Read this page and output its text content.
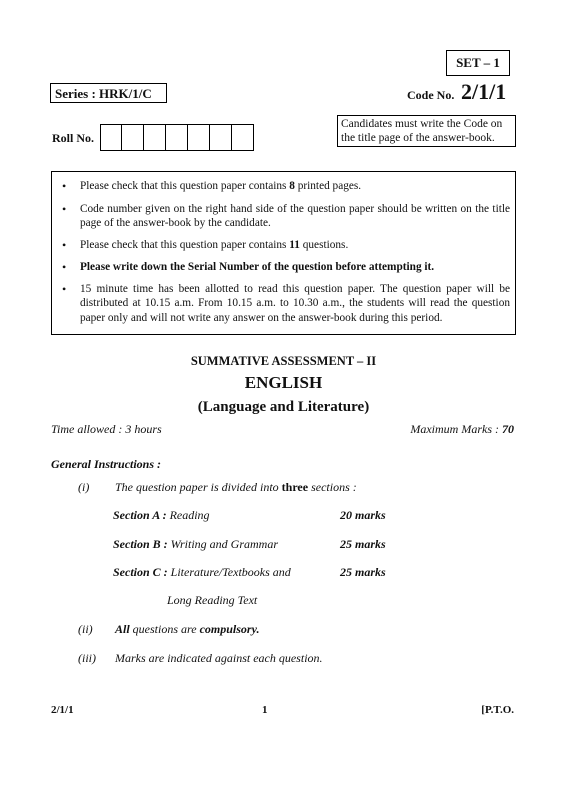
SET – 1
Series : HRK/1/C	Code No. 2/1/1
Roll No.
Candidates must write the Code on the title page of the answer-book.
• Please check that this question paper contains 8 printed pages.
• Code number given on the right hand side of the question paper should be written on the title page of the answer-book by the candidate.
• Please check that this question paper contains 11 questions.
• Please write down the Serial Number of the question before attempting it.
• 15 minute time has been allotted to read this question paper. The question paper will be distributed at 10.15 a.m. From 10.15 a.m. to 10.30 a.m., the students will read the question paper only and will not write any answer on the answer-book during this period.
SUMMATIVE ASSESSMENT – II
ENGLISH
(Language and Literature)
Time allowed : 3 hours	Maximum Marks : 70
General Instructions :
(i) The question paper is divided into three sections :
Section A : Reading	20 marks
Section B : Writing and Grammar	25 marks
Section C : Literature/Textbooks and	25 marks
Long Reading Text
(ii) All questions are compulsory.
(iii) Marks are indicated against each question.
2/1/1	1	[P.T.O.
